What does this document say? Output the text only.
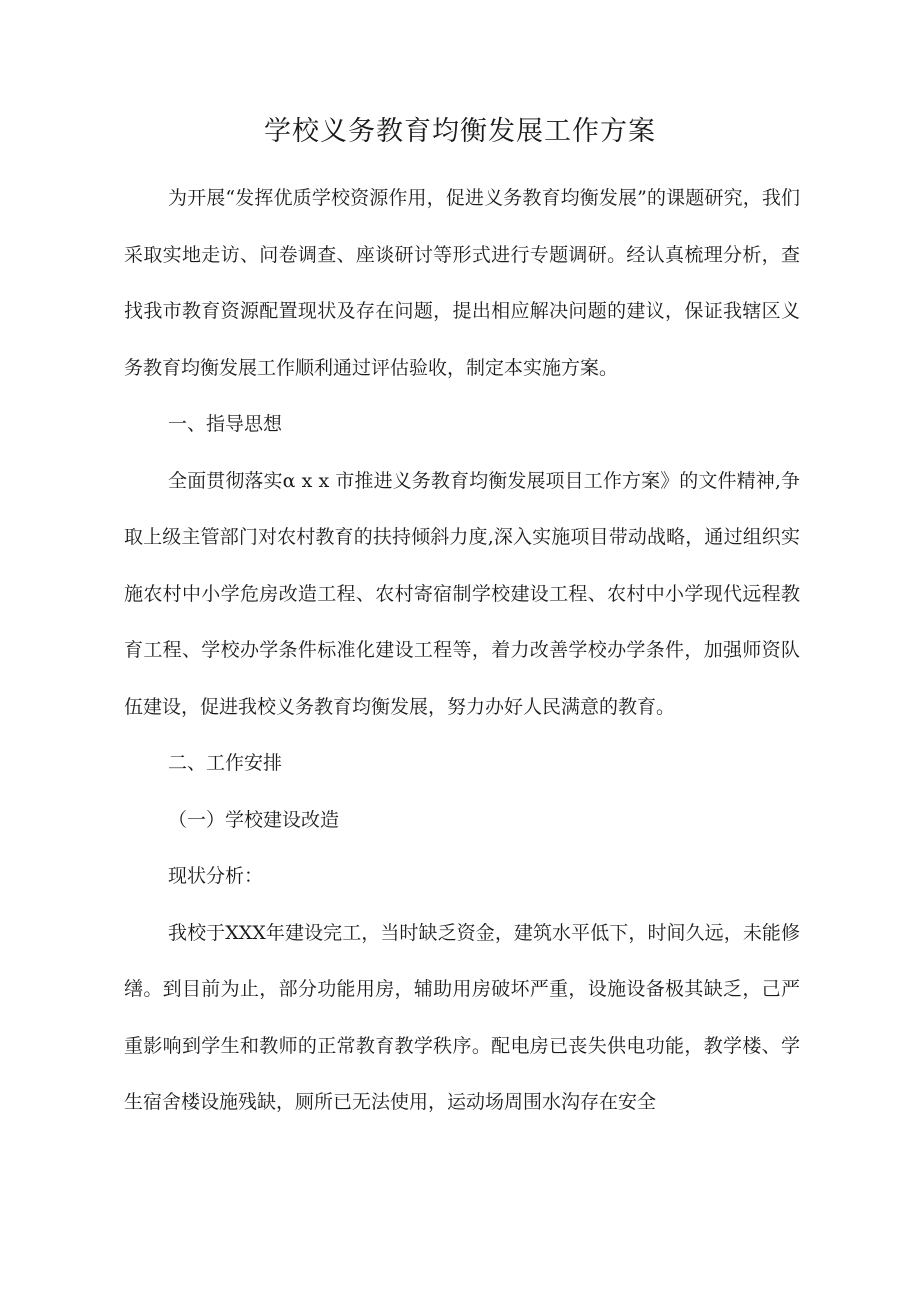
学校义务教育均衡发展工作方案

为开展“发挥优质学校资源作用，促进义务教育均衡发展”的课题研究，我们采取实地走访、问卷调查、座谈研讨等形式进行专题调研。经认真梳理分析，查找我市教育资源配置现状及存在问题，提出相应解决问题的建议，保证我辖区义务教育均衡发展工作顺利通过评估验收，制定本实施方案。

一、指导思想

全面贯彻落实α x x 市推进义务教育均衡发展项目工作方案》的文件精神,争取上级主管部门对农村教育的扶持倾斜力度,深入实施项目带动战略，通过组织实施农村中小学危房改造工程、农村寄宿制学校建设工程、农村中小学现代远程教育工程、学校办学条件标准化建设工程等，着力改善学校办学条件，加强师资队伍建设，促进我校义务教育均衡发展，努力办好人民满意的教育。

二、工作安排

（一）学校建设改造

现状分析：

我校于XXX年建设完工，当时缺乏资金，建筑水平低下，时间久远，未能修缮。到目前为止，部分功能用房，辅助用房破坏严重，设施设备极其缺乏，己严重影响到学生和教师的正常教育教学秩序。配电房已丧失供电功能，教学楼、学生宿舍楼设施残缺，厕所已无法使用，运动场周围水沟存在安全
